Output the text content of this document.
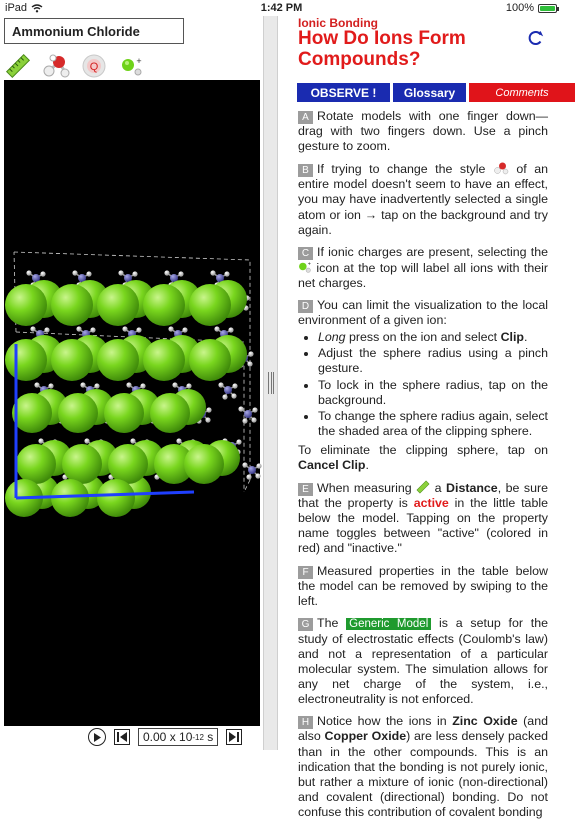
iPad	1:42 PM	100%
Ammonium Chloride
Q	+
0.00 x 10 -12
s
Ionic Bonding
How Do Ions Form Compounds?
OBSERVE !	Glossary	Comments
A Rotate models with one finger down—drag with two fingers down. Use a pinch gesture to zoom.
B If trying to change the style  of an entire model doesn't seem to have an effect, you may have inadvertently selected a single atom or ion → tap on the background and try again.
C If ionic charges are present, selecting the
+ icon at the top will label all ions with their net charges.
D You can limit the visualization to the local environment of a given ion:
• Long press on the ion and select Clip.
• Adjust the sphere radius using a pinch gesture.
• To lock in the sphere radius, tap on the background.
• To change the sphere radius again, select the shaded area of the clipping sphere.
To eliminate the clipping sphere, tap on Cancel Clip.
E When measuring  a Distance, be sure that the property is active in the little table below the model. Tapping on the property name toggles between "active" (colored in red) and "inactive."
F Measured properties in the table below the model can be removed by swiping to the left.
G The Generic Model is a setup for the study of electrostatic effects (Coulomb's law) and not a representation of a particular molecular system. The simulation allows for any net charge of the system, i.e., electroneutrality is not enforced.
H Notice how the ions in Zinc Oxide (and also Copper Oxide) are less densely packed than in the other compounds. This is an indication that the bonding is not purely ionic, but rather a mixture of ionic (non-directional) and covalent (directional) bonding. Do not confuse this contribution of covalent bonding
